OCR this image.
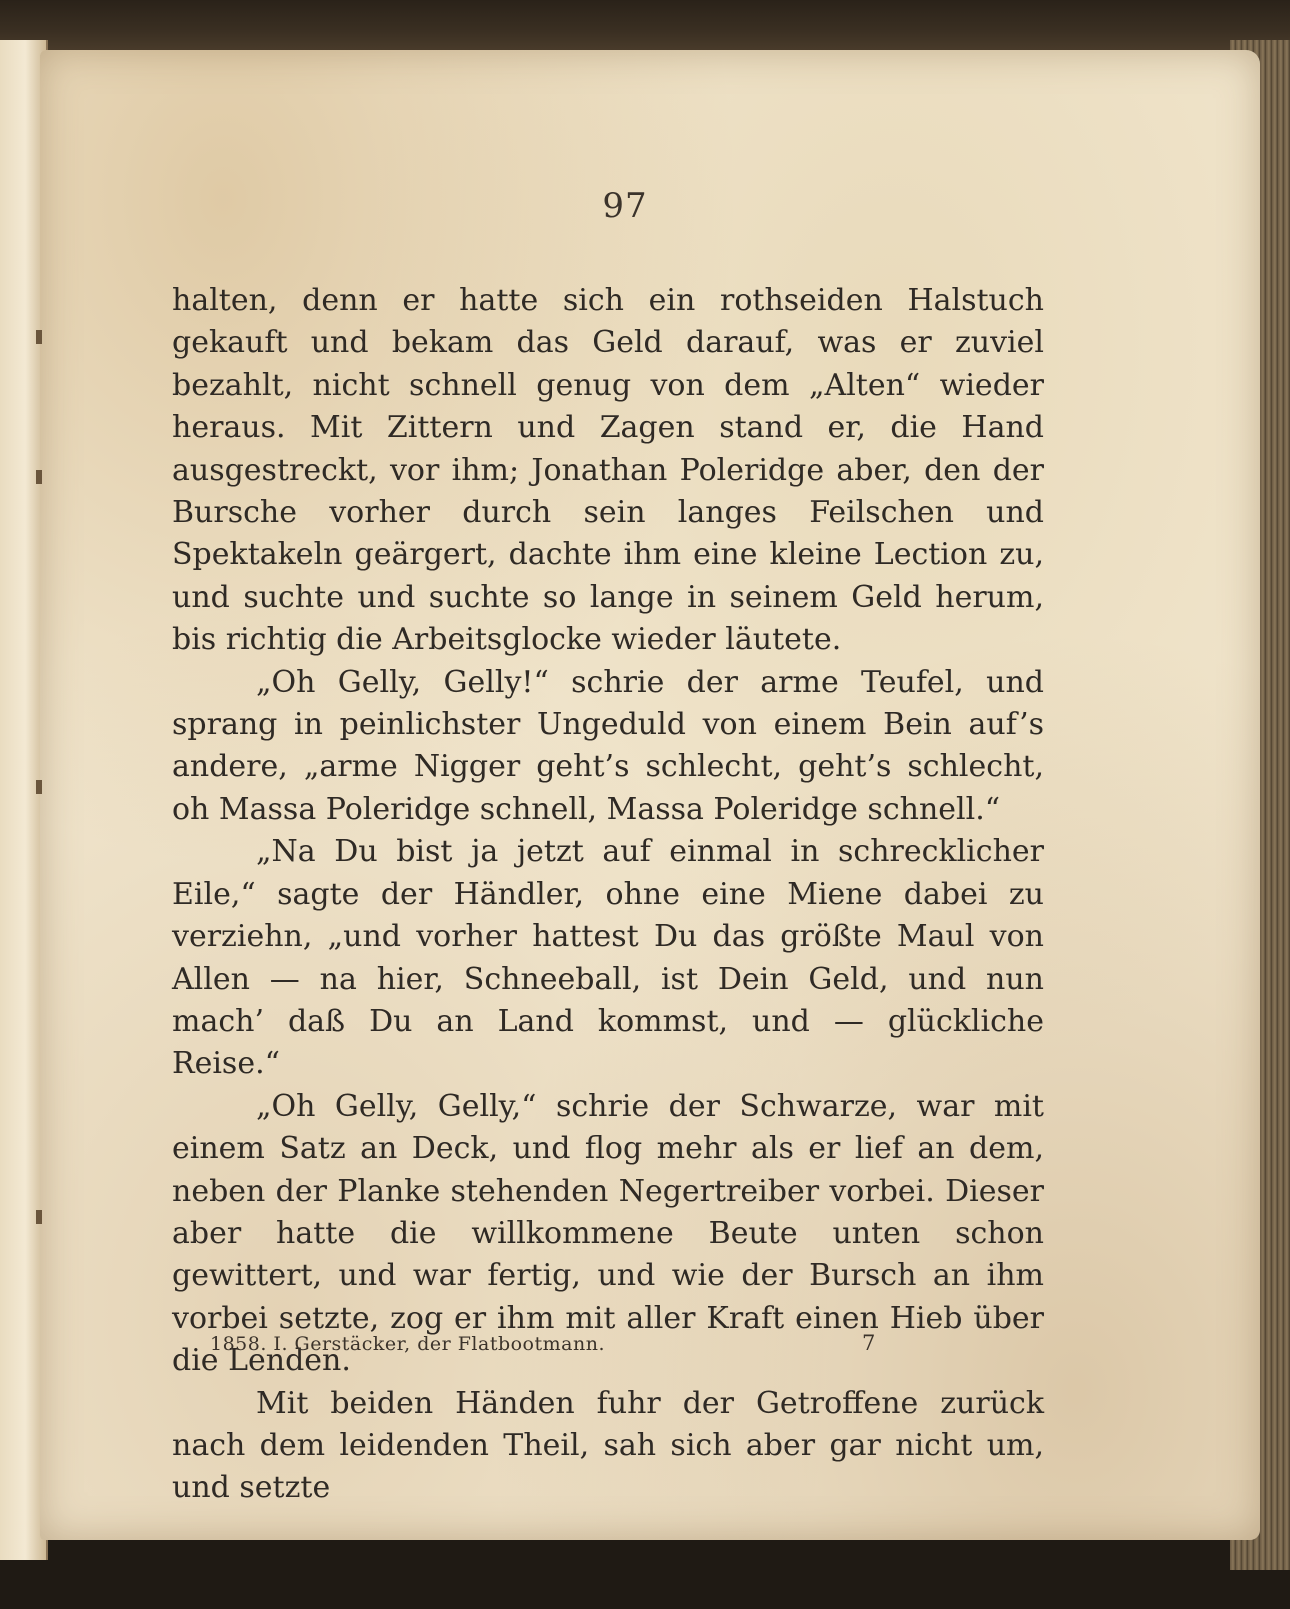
97

halten, denn er hatte sich ein rothseiden Halstuch gekauft und bekam das Geld darauf, was er zuviel bezahlt, nicht schnell genug von dem „Alten“ wieder heraus. Mit Zittern und Zagen stand er, die Hand ausgestreckt, vor ihm; Jonathan Poleridge aber, den der Bursche vorher durch sein langes Feilschen und Spektakeln geärgert, dachte ihm eine kleine Lection zu, und suchte und suchte so lange in seinem Geld herum, bis richtig die Arbeitsglocke wieder läutete.

„Oh Gelly, Gelly!“ schrie der arme Teufel, und sprang in peinlichster Ungeduld von einem Bein auf’s andere, „arme Nigger geht’s schlecht, geht’s schlecht, oh Massa Poleridge schnell, Massa Poleridge schnell.“

„Na Du bist ja jetzt auf einmal in schrecklicher Eile,“ sagte der Händler, ohne eine Miene dabei zu verziehn, „und vorher hattest Du das größte Maul von Allen — na hier, Schneeball, ist Dein Geld, und nun mach’ daß Du an Land kommst, und — glückliche Reise.“

„Oh Gelly, Gelly,“ schrie der Schwarze, war mit einem Satz an Deck, und flog mehr als er lief an dem, neben der Planke stehenden Negertreiber vorbei. Dieser aber hatte die willkommene Beute unten schon gewittert, und war fertig, und wie der Bursch an ihm vorbei setzte, zog er ihm mit aller Kraft einen Hieb über die Lenden.

Mit beiden Händen fuhr der Getroffene zurück nach dem leidenden Theil, sah sich aber gar nicht um, und setzte

1858. I. Gerstäcker, der Flatbootmann.	7
